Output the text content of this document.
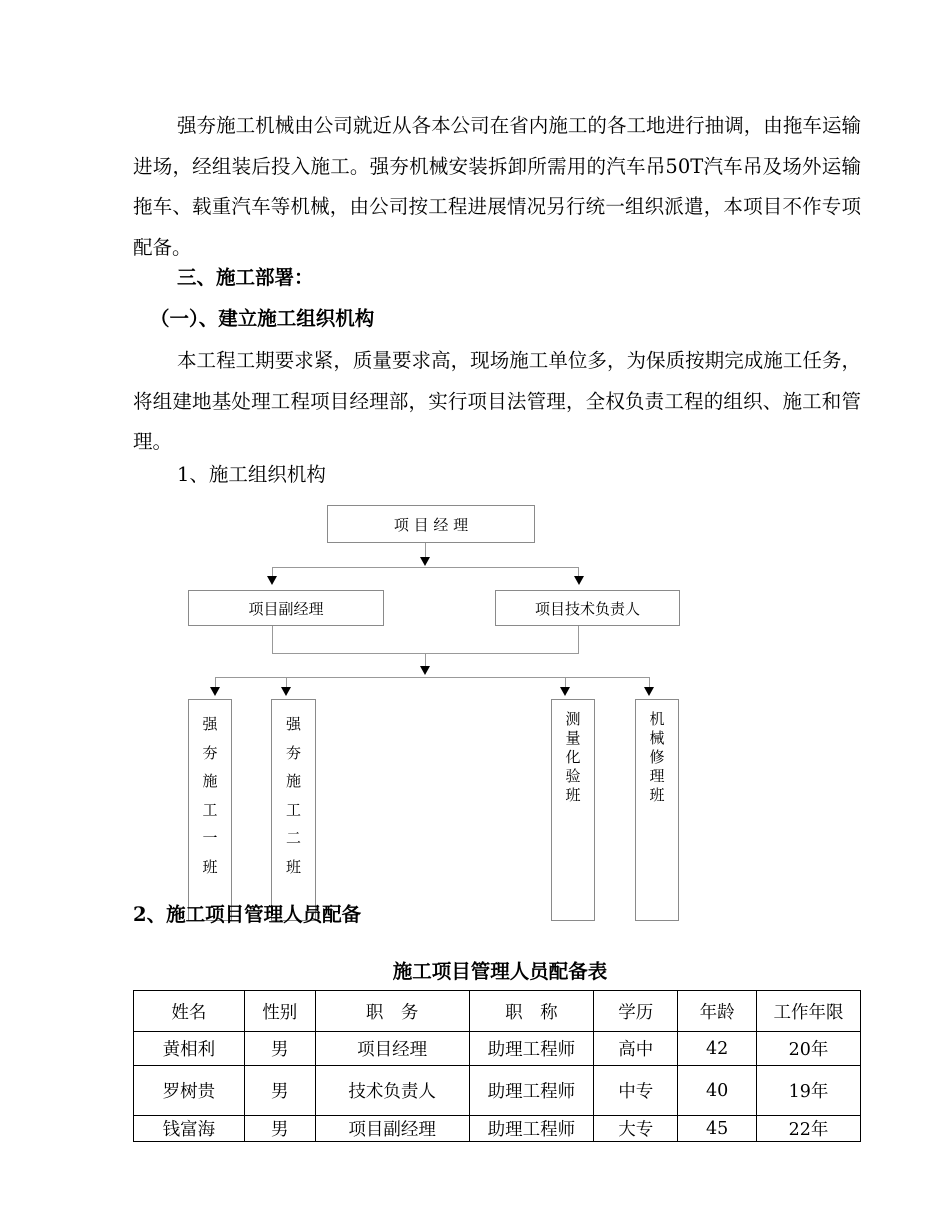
强夯施工机械由公司就近从各本公司在省内施工的各工地进行抽调，由拖车运输进场，经组装后投入施工。强夯机械安装拆卸所需用的汽车吊50T汽车吊及场外运输拖车、载重汽车等机械，由公司按工程进展情况另行统一组织派遣，本项目不作专项配备。

三、施工部署：

（一）、建立施工组织机构

本工程工期要求紧，质量要求高，现场施工单位多，为保质按期完成施工任务，将组建地基处理工程项目经理部，实行项目法管理，全权负责工程的组织、施工和管理。

1、施工组织机构

项 目 经 理
项目副经理	项目技术负责人
强
夯
施
工
一
班
强
夯
施
工
二
班
测
量
化
验
班
机
械
修
理
班

2、施工项目管理人员配备

施工项目管理人员配备表
姓名	性别	职　务	职　称	学历	年龄	工作年限
黄相利	男	项目经理	助理工程师	高中	42	20年
罗树贵	男	技术负责人	助理工程师	中专	40	19年
钱富海	男	项目副经理	助理工程师	大专	45	22年
